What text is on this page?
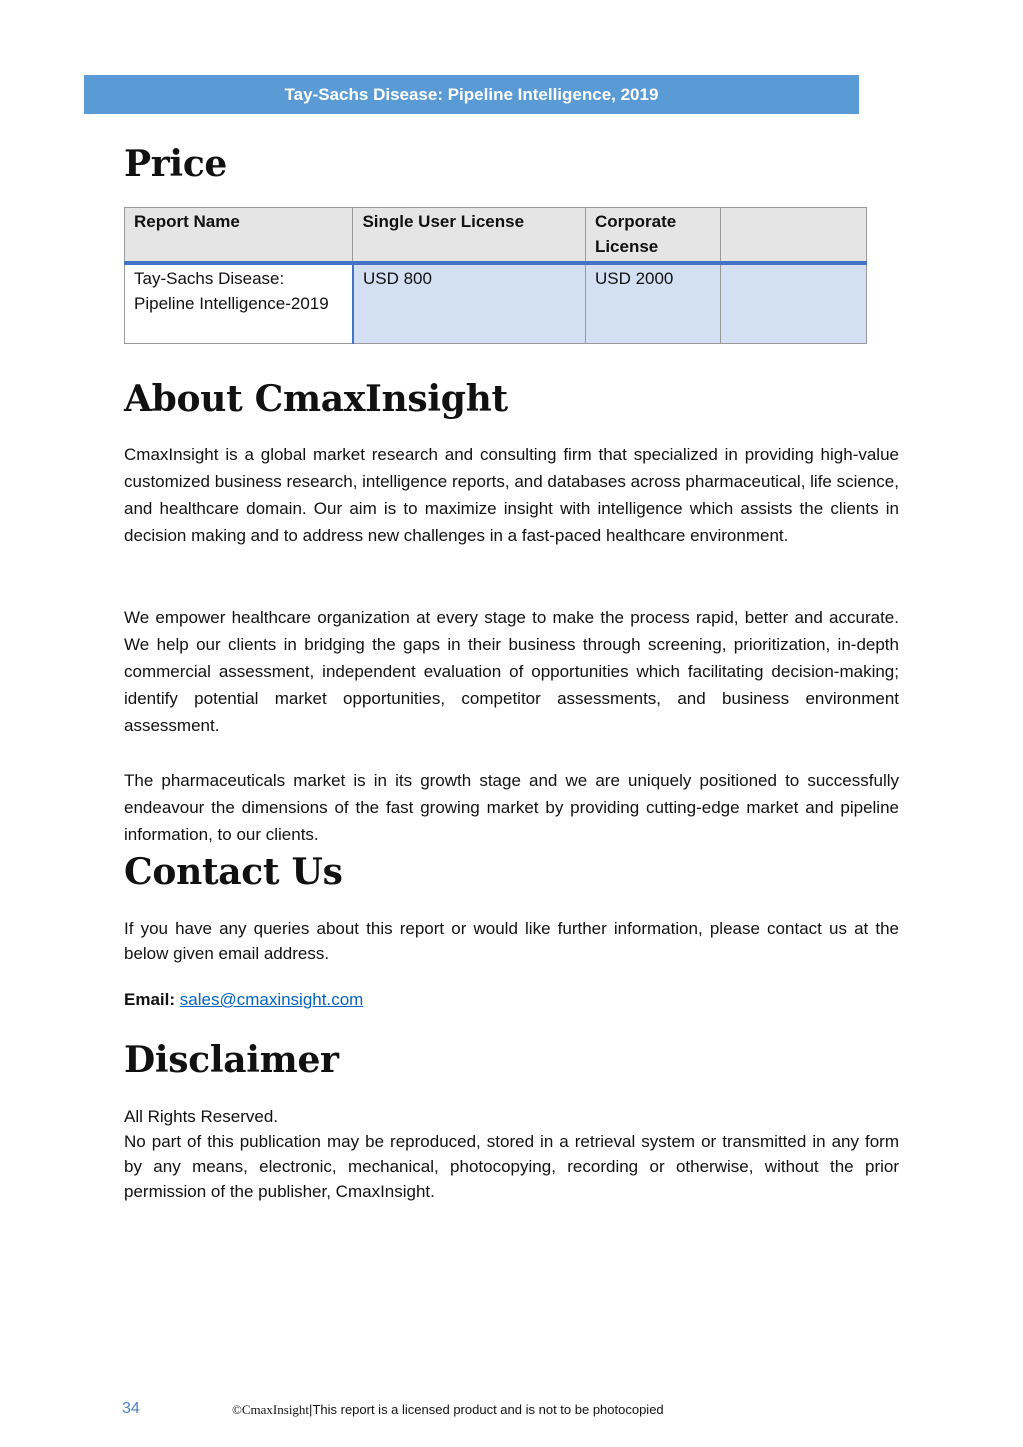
Tay-Sachs Disease: Pipeline Intelligence, 2019
Price
Report Name	Single User License	Corporate License	
Tay-Sachs Disease: Pipeline Intelligence-2019	USD 800	USD 2000	
About CmaxInsight

CmaxInsight is a global market research and consulting firm that specialized in providing high-value customized business research, intelligence reports, and databases across pharmaceutical, life science, and healthcare domain. Our aim is to maximize insight with intelligence which assists the clients in decision making and to address new challenges in a fast-paced healthcare environment.

We empower healthcare organization at every stage to make the process rapid, better and accurate. We help our clients in bridging the gaps in their business through screening, prioritization, in-depth commercial assessment, independent evaluation of opportunities which facilitating decision-making; identify potential market opportunities, competitor assessments, and business environment assessment.

The pharmaceuticals market is in its growth stage and we are uniquely positioned to successfully endeavour the dimensions of the fast growing market by providing cutting-edge market and pipeline information, to our clients.

Contact Us

If you have any queries about this report or would like further information, please contact us at the below given email address.

Email: sales@cmaxinsight.com
Disclaimer

All Rights Reserved.

No part of this publication may be reproduced, stored in a retrieval system or transmitted in any form by any means, electronic, mechanical, photocopying, recording or otherwise, without the prior permission of the publisher, CmaxInsight.

34	©CmaxInsight|This report is a licensed product and is not to be photocopied
